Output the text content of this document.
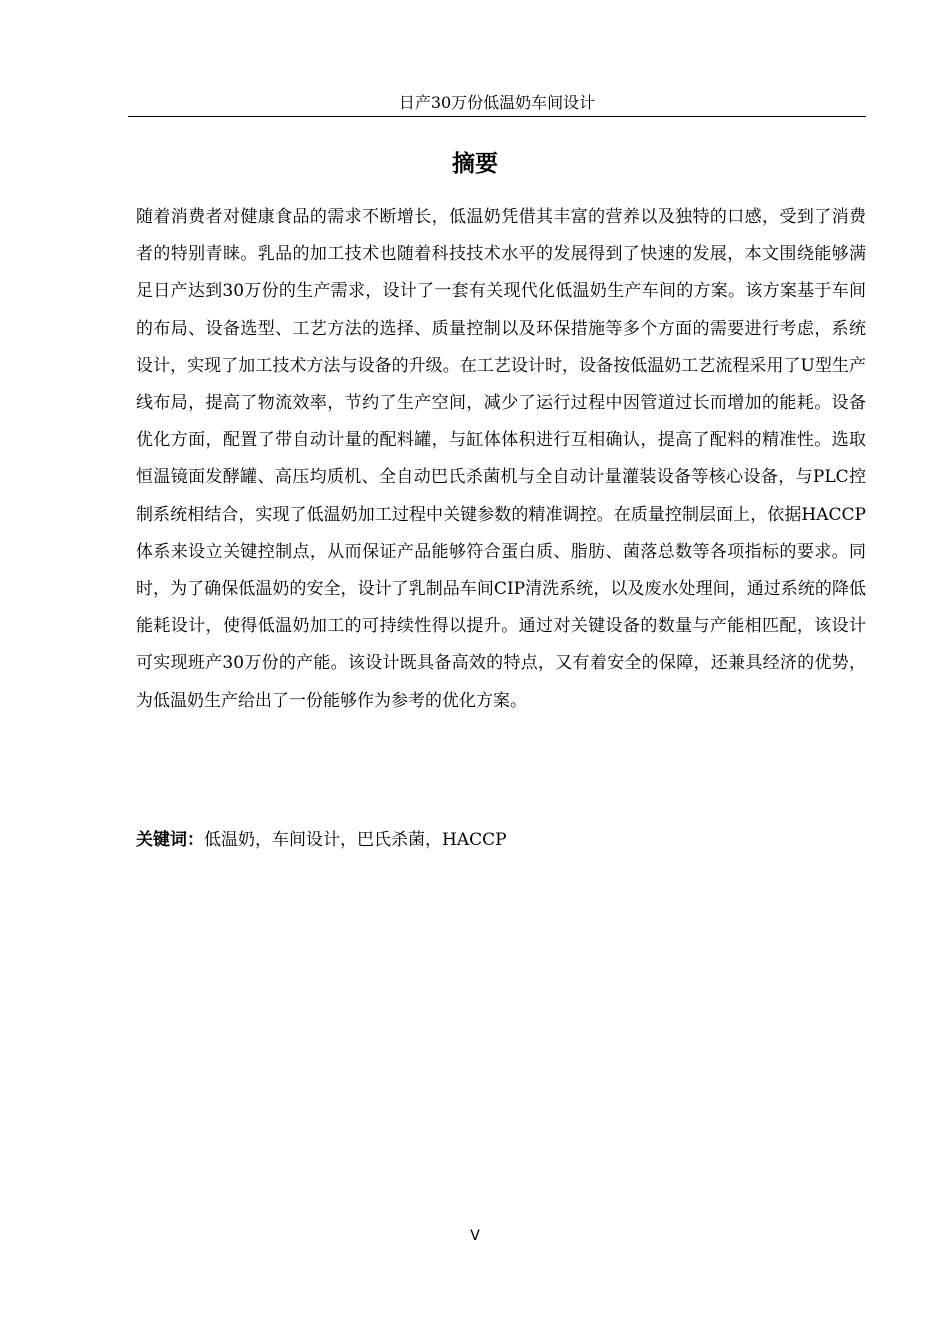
日产30万份低温奶车间设计
摘要

随着消费者对健康食品的需求不断增长，低温奶凭借其丰富的营养以及独特的口感，受到了消费者的特别青睐。乳品的加工技术也随着科技技术水平的发展得到了快速的发展，本文围绕能够满足日产达到30万份的生产需求，设计了一套有关现代化低温奶生产车间的方案。该方案基于车间的布局、设备选型、工艺方法的选择、质量控制以及环保措施等多个方面的需要进行考虑，系统设计，实现了加工技术方法与设备的升级。在工艺设计时，设备按低温奶工艺流程采用了U型生产线布局，提高了物流效率，节约了生产空间，减少了运行过程中因管道过长而增加的能耗。设备优化方面，配置了带自动计量的配料罐，与缸体体积进行互相确认，提高了配料的精准性。选取恒温镜面发酵罐、高压均质机、全自动巴氏杀菌机与全自动计量灌装设备等核心设备，与PLC控制系统相结合，实现了低温奶加工过程中关键参数的精准调控。在质量控制层面上，依据HACCP体系来设立关键控制点，从而保证产品能够符合蛋白质、脂肪、菌落总数等各项指标的要求。同时，为了确保低温奶的安全，设计了乳制品车间CIP清洗系统，以及废水处理间，通过系统的降低能耗设计，使得低温奶加工的可持续性得以提升。通过对关键设备的数量与产能相匹配，该设计可实现班产30万份的产能。该设计既具备高效的特点，又有着安全的保障，还兼具经济的优势，为低温奶生产给出了一份能够作为参考的优化方案。

关键词：低温奶，车间设计，巴氏杀菌，HACCP

V
